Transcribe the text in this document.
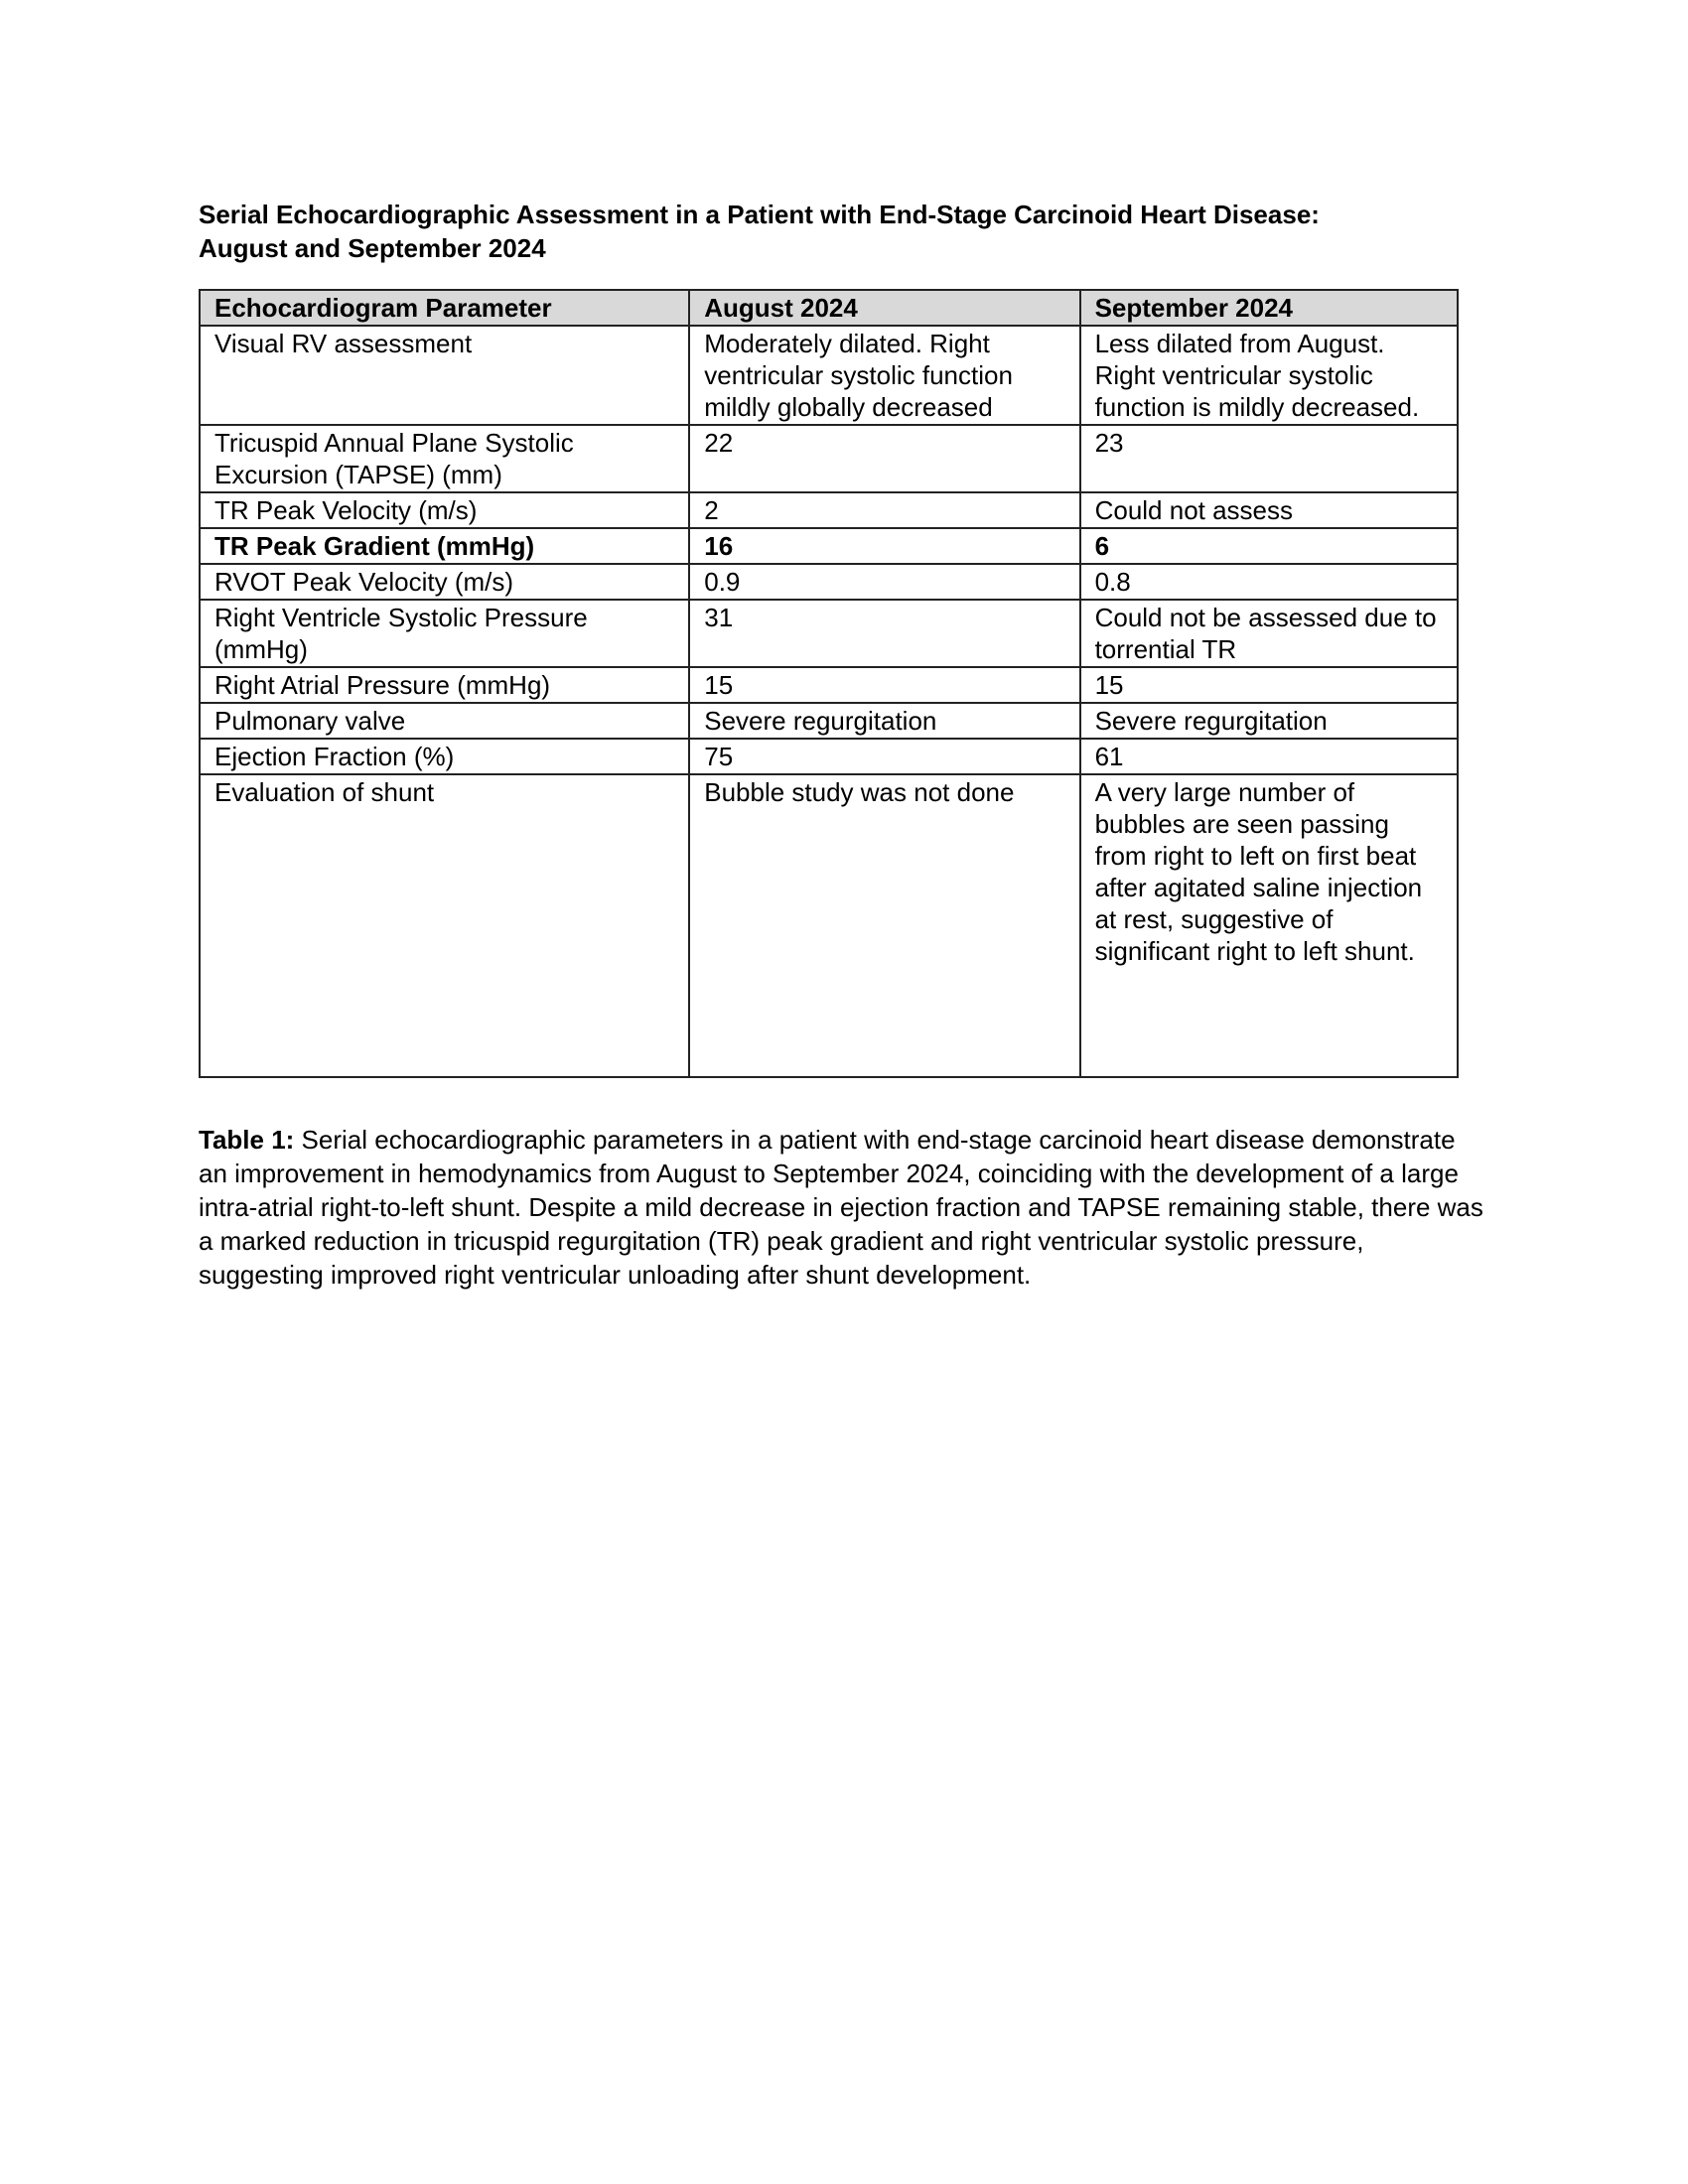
Serial Echocardiographic Assessment in a Patient with End-Stage Carcinoid Heart Disease:
August and September 2024
Echocardiogram Parameter	August 2024	September 2024
Visual RV assessment	Moderately dilated. Right ventricular systolic function mildly globally decreased	Less dilated from August. Right ventricular systolic function is mildly decreased.
Tricuspid Annual Plane Systolic Excursion (TAPSE) (mm)	22	23
TR Peak Velocity (m/s)	2	Could not assess
TR Peak Gradient (mmHg)	16	6
RVOT Peak Velocity (m/s)	0.9	0.8
Right Ventricle Systolic Pressure (mmHg)	31	Could not be assessed due to torrential TR
Right Atrial Pressure (mmHg)	15	15
Pulmonary valve	Severe regurgitation	Severe regurgitation
Ejection Fraction (%)	75	61
Evaluation of shunt	Bubble study was not done	A very large number of bubbles are seen passing from right to left on first beat after agitated saline injection at rest, suggestive of significant right to left shunt.
Table 1: Serial echocardiographic parameters in a patient with end-stage carcinoid heart disease demonstrate an improvement in hemodynamics from August to September 2024, coinciding with the development of a large intra-atrial right-to-left shunt. Despite a mild decrease in ejection fraction and TAPSE remaining stable, there was a marked reduction in tricuspid regurgitation (TR) peak gradient and right ventricular systolic pressure, suggesting improved right ventricular unloading after shunt development.
